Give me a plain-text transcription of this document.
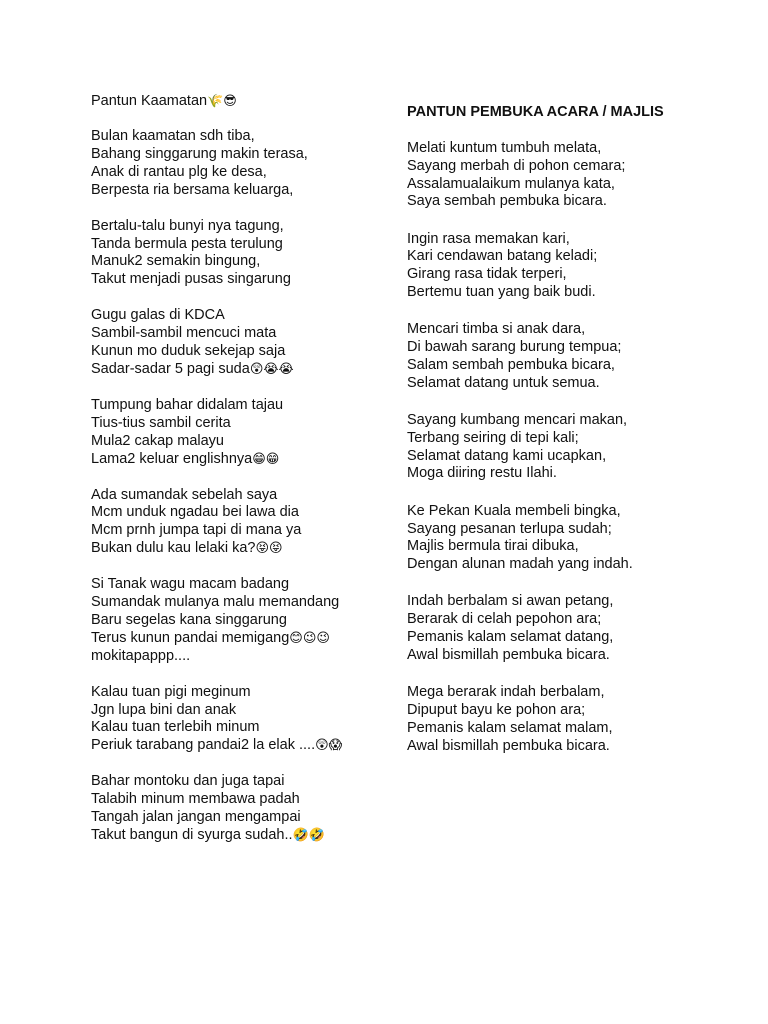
Pantun Kaamatan🌾😎
Bulan kaamatan sdh tiba,
Bahang singgarung makin terasa,
Anak di rantau plg ke desa,
Berpesta ria bersama keluarga,
Bertalu-talu bunyi nya tagung,
Tanda bermula pesta terulung
Manuk2 semakin bingung,
Takut menjadi pusas singarung
Gugu galas di KDCA
Sambil-sambil mencuci mata
Kunun mo duduk sekejap saja
Sadar-sadar 5 pagi suda😲😭😭
Tumpung bahar didalam tajau
Tius-tius sambil cerita
Mula2 cakap malayu
Lama2 keluar englishnya😁😁
Ada sumandak sebelah saya
Mcm unduk ngadau bei lawa dia
Mcm prnh jumpa tapi di mana ya
Bukan dulu kau lelaki ka?😝😝
Si Tanak wagu macam badang
Sumandak mulanya malu memandang
Baru segelas kana singgarung
Terus kunun pandai memigang😊😉😉
mokitapappp....
Kalau tuan pigi meginum
Jgn lupa bini dan anak
Kalau tuan terlebih minum
Periuk tarabang pandai2 la elak ....😲😱
Bahar montoku dan juga tapai
Talabih minum membawa padah
Tangah jalan jangan mengampai
Takut bangun di syurga sudah..🤣🤣
PANTUN PEMBUKA ACARA / MAJLIS
Melati kuntum tumbuh melata,
Sayang merbah di pohon cemara;
Assalamualaikum mulanya kata,
Saya sembah pembuka bicara.
Ingin rasa memakan kari,
Kari cendawan batang keladi;
Girang rasa tidak terperi,
Bertemu tuan yang baik budi.
Mencari timba si anak dara,
Di bawah sarang burung tempua;
Salam sembah pembuka bicara,
Selamat datang untuk semua.
Sayang kumbang mencari makan,
Terbang seiring di tepi kali;
Selamat datang kami ucapkan,
Moga diiring restu Ilahi.
Ke Pekan Kuala membeli bingka,
Sayang pesanan terlupa sudah;
Majlis bermula tirai dibuka,
Dengan alunan madah yang indah.
Indah berbalam si awan petang,
Berarak di celah pepohon ara;
Pemanis kalam selamat datang,
Awal bismillah pembuka bicara.
Mega berarak indah berbalam,
Dipuput bayu ke pohon ara;
Pemanis kalam selamat malam,
Awal bismillah pembuka bicara.
